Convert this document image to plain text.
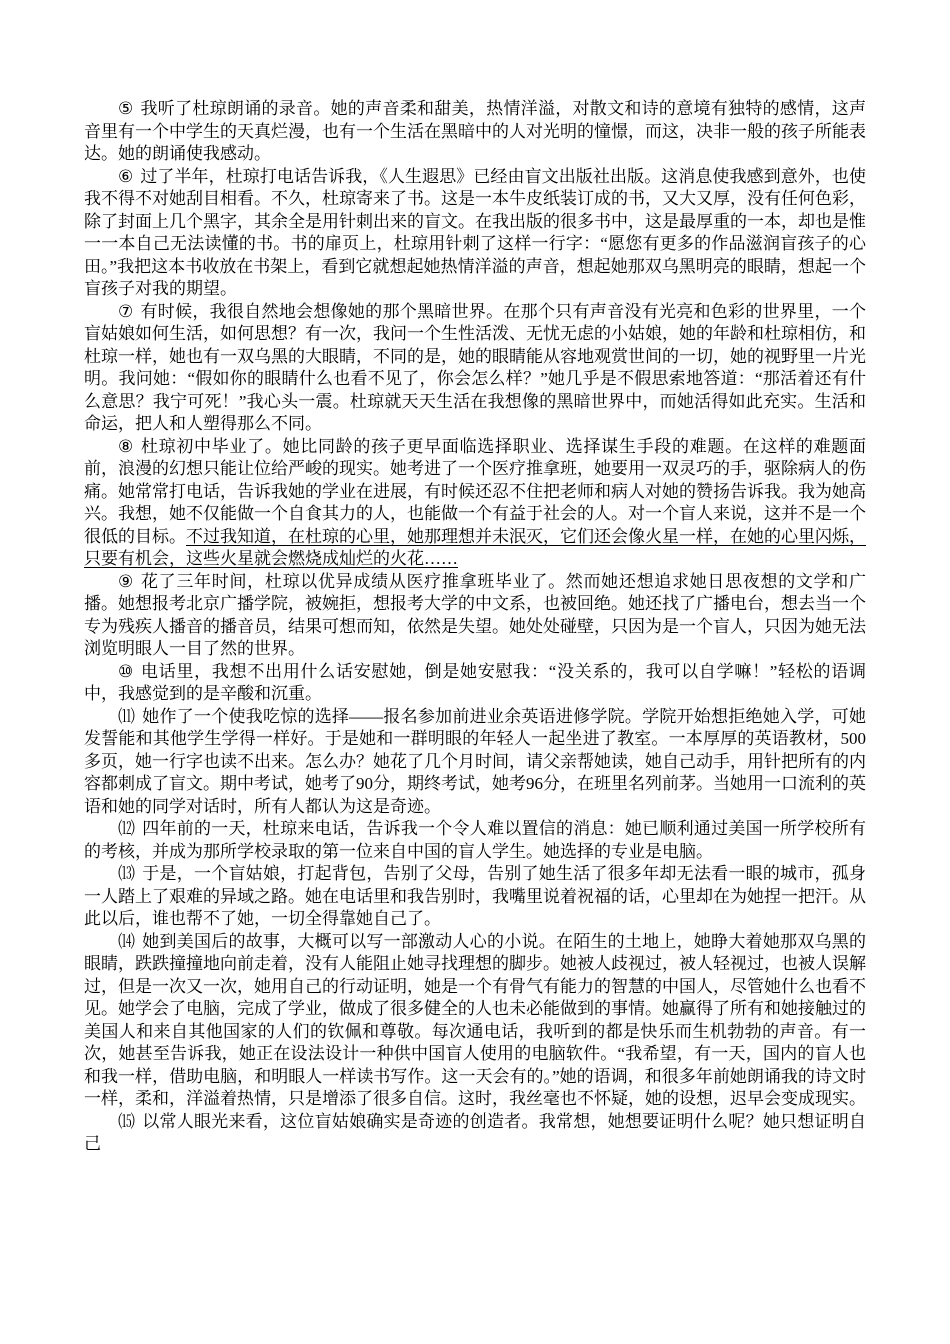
⑤ 我听了杜琼朗诵的录音。她的声音柔和甜美，热情洋溢，对散文和诗的意境有独特的感情，这声音里有一个中学生的天真烂漫，也有一个生活在黑暗中的人对光明的憧憬，而这，决非一般的孩子所能表达。她的朗诵使我感动。

⑥ 过了半年，杜琼打电话告诉我，《人生遐思》已经由盲文出版社出版。这消息使我感到意外，也使我不得不对她刮目相看。不久，杜琼寄来了书。这是一本牛皮纸装订成的书，又大又厚，没有任何色彩，除了封面上几个黑字，其余全是用针刺出来的盲文。在我出版的很多书中，这是最厚重的一本，却也是惟一一本自己无法读懂的书。书的扉页上，杜琼用针刺了这样一行字：“愿您有更多的作品滋润盲孩子的心田。”我把这本书收放在书架上，看到它就想起她热情洋溢的声音，想起她那双乌黑明亮的眼睛，想起一个盲孩子对我的期望。

⑦ 有时候，我很自然地会想像她的那个黑暗世界。在那个只有声音没有光亮和色彩的世界里，一个盲姑娘如何生活，如何思想？有一次，我问一个生性活泼、无忧无虑的小姑娘，她的年龄和杜琼相仿，和杜琼一样，她也有一双乌黑的大眼睛，不同的是，她的眼睛能从容地观赏世间的一切，她的视野里一片光明。我问她：“假如你的眼睛什么也看不见了，你会怎么样？”她几乎是不假思索地答道：“那活着还有什么意思？我宁可死！”我心头一震。杜琼就天天生活在我想像的黑暗世界中，而她活得如此充实。生活和命运，把人和人塑得那么不同。

⑧ 杜琼初中毕业了。她比同龄的孩子更早面临选择职业、选择谋生手段的难题。在这样的难题面前，浪漫的幻想只能让位给严峻的现实。她考进了一个医疗推拿班，她要用一双灵巧的手，驱除病人的伤痛。她常常打电话，告诉我她的学业在进展，有时候还忍不住把老师和病人对她的赞扬告诉我。我为她高兴。我想，她不仅能做一个自食其力的人，也能做一个有益于社会的人。对一个盲人来说，这并不是一个很低的目标。不过我知道，在杜琼的心里，她那理想并未泯灭，它们还会像火星一样，在她的心里闪烁，只要有机会，这些火星就会燃烧成灿烂的火花……

⑨ 花了三年时间，杜琼以优异成绩从医疗推拿班毕业了。然而她还想追求她日思夜想的文学和广播。她想报考北京广播学院，被婉拒，想报考大学的中文系，也被回绝。她还找了广播电台，想去当一个专为残疾人播音的播音员，结果可想而知，依然是失望。她处处碰壁，只因为是一个盲人，只因为她无法浏览明眼人一目了然的世界。

⑩ 电话里，我想不出用什么话安慰她，倒是她安慰我：“没关系的，我可以自学嘛！”轻松的语调中，我感觉到的是辛酸和沉重。

⑾ 她作了一个使我吃惊的选择——报名参加前进业余英语进修学院。学院开始想拒绝她入学，可她发誓能和其他学生学得一样好。于是她和一群明眼的年轻人一起坐进了教室。一本厚厚的英语教材，500多页，她一行字也读不出来。怎么办？她花了几个月时间，请父亲帮她读，她自己动手，用针把所有的内容都刺成了盲文。期中考试，她考了90分，期终考试，她考96分，在班里名列前茅。当她用一口流利的英语和她的同学对话时，所有人都认为这是奇迹。

⑿ 四年前的一天，杜琼来电话，告诉我一个令人难以置信的消息：她已顺利通过美国一所学校所有的考核，并成为那所学校录取的第一位来自中国的盲人学生。她选择的专业是电脑。

⒀ 于是，一个盲姑娘，打起背包，告别了父母，告别了她生活了很多年却无法看一眼的城市，孤身一人踏上了艰难的异域之路。她在电话里和我告别时，我嘴里说着祝福的话，心里却在为她捏一把汗。从此以后，谁也帮不了她，一切全得靠她自己了。

⒁ 她到美国后的故事，大概可以写一部激动人心的小说。在陌生的土地上，她睁大着她那双乌黑的眼睛，跌跌撞撞地向前走着，没有人能阻止她寻找理想的脚步。她被人歧视过，被人轻视过，也被人误解过，但是一次又一次，她用自己的行动证明，她是一个有骨气有能力的智慧的中国人，尽管她什么也看不见。她学会了电脑，完成了学业，做成了很多健全的人也未必能做到的事情。她赢得了所有和她接触过的美国人和来自其他国家的人们的钦佩和尊敬。每次通电话，我听到的都是快乐而生机勃勃的声音。有一次，她甚至告诉我，她正在设法设计一种供中国盲人使用的电脑软件。“我希望，有一天，国内的盲人也和我一样，借助电脑，和明眼人一样读书写作。这一天会有的。”她的语调，和很多年前她朗诵我的诗文时一样，柔和，洋溢着热情，只是增添了很多自信。这时，我丝毫也不怀疑，她的设想，迟早会变成现实。

⒂ 以常人眼光来看，这位盲姑娘确实是奇迹的创造者。我常想，她想要证明什么呢？她只想证明自己
